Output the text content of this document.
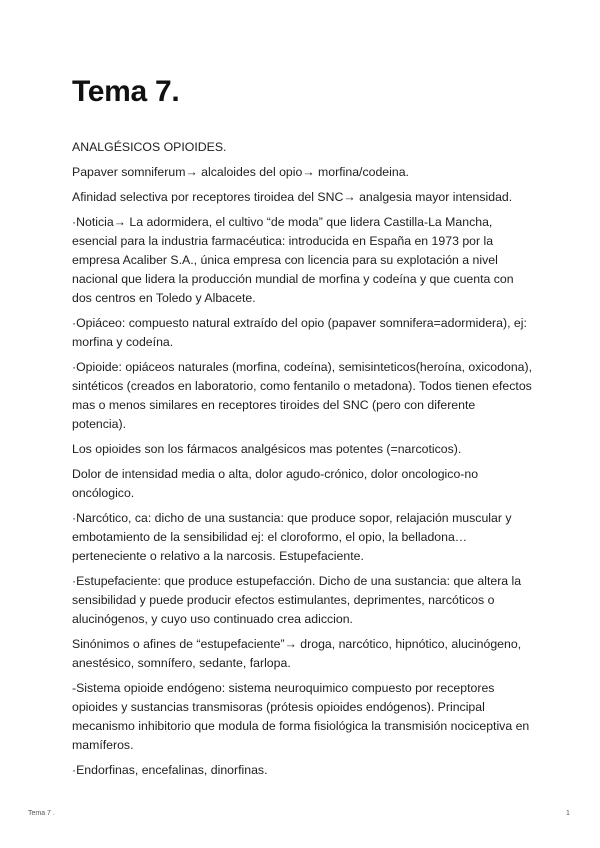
Tema 7.

ANALGÉSICOS OPIOIDES.

Papaver somniferum→ alcaloides del opio→ morfina/codeina.

Afinidad selectiva por receptores tiroidea del SNC→ analgesia mayor intensidad.

·Noticia→ La adormidera, el cultivo “de moda” que lidera Castilla-La Mancha, esencial para la industria farmacéutica: introducida en España en 1973 por la empresa Acaliber S.A., única empresa con licencia para su explotación a nivel nacional que lidera la producción mundial de morfina y codeína y que cuenta con dos centros en Toledo y Albacete.

·Opiáceo: compuesto natural extraído del opio (papaver somnifera=adormidera), ej: morfina y codeína.

·Opioide: opiáceos naturales (morfina, codeína), semisinteticos(heroína, oxicodona), sintéticos (creados en laboratorio, como fentanilo o metadona). Todos tienen efectos mas o menos similares en receptores tiroides del SNC (pero con diferente potencia).

Los opioides son los fármacos analgésicos mas potentes (=narcoticos).

Dolor de intensidad media o alta, dolor agudo-crónico, dolor oncologico-no oncólogico.

·Narcótico, ca: dicho de una sustancia: que produce sopor, relajación muscular y embotamiento de la sensibilidad ej: el cloroformo, el opio, la belladona… perteneciente o relativo a la narcosis. Estupefaciente.

·Estupefaciente: que produce estupefacción. Dicho de una sustancia: que altera la sensibilidad y puede producir efectos estimulantes, deprimentes, narcóticos o alucinógenos, y cuyo uso continuado crea adiccion.

Sinónimos o afines de “estupefaciente”→ droga, narcótico, hipnótico, alucinógeno, anestésico, somnífero, sedante, farlopa.

-Sistema opioide endógeno: sistema neuroquimico compuesto por receptores opioides y sustancias transmisoras (prótesis opioides endógenos). Principal mecanismo inhibitorio que modula de forma fisiológica la transmisión nociceptiva en mamíferos.

·Endorfinas, encefalinas, dinorfinas.

Tema 7 .	1
